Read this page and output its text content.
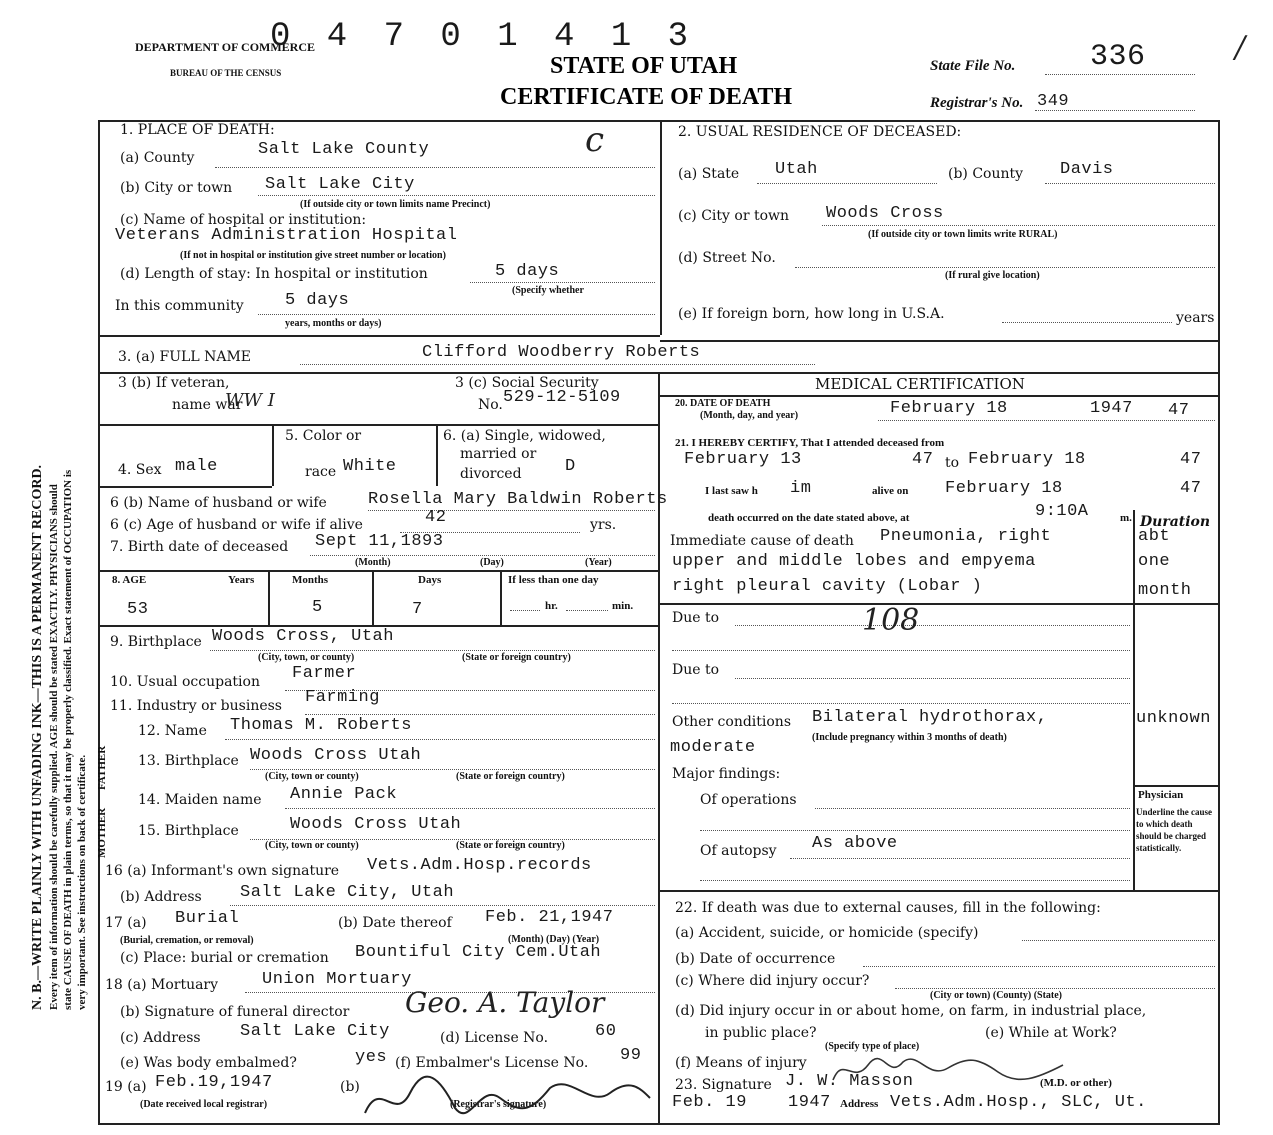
N. B.—WRITE PLAINLY WITH UNFADING INK—THIS IS A PERMANENT RECORD. Every item of information should be carefully supplied. AGE should be stated EXACTLY. PHYSICIANS should state CAUSE OF DEATH in plain terms, so that it may be properly classified. Exact statement of OCCUPATION is very important. See instructions on back of certificate.
DEPARTMENT OF COMMERCE
BUREAU OF THE CENSUS
0 4 7 0 1 4 1 3
STATE OF UTAH
CERTIFICATE OF DEATH
State File No. 336
Registrar's No. 349
1. PLACE OF DEATH:
(a) County	Salt Lake County	c
(b) City or town Salt Lake City
(If outside city or town limits name Precinct)
(c) Name of hospital or institution:
Veterans Administration Hospital
(If not in hospital or institution give street number or location)
(d) Length of stay: In hospital or institution	5 days
(Specify whether
In this community 5 days
years, months or days)
2. USUAL RESIDENCE OF DECEASED:
(a) State Utah	(b) County Davis
(c) City or town Woods Cross
(If outside city or town limits write RURAL)
(d) Street No.
(If rural give location)
(e) If foreign born, how long in U.S.A.	years
3. (a) FULL NAME	Clifford Woodberry Roberts
3 (b) If veteran,
name war
WW I
3 (c) Social Security
No. 529-12-5109
4. Sex male
5. Color or
race White
6. (a) Single, widowed,
married or
divorced	D
6 (b) Name of husband or wife Rosella Mary Baldwin Roberts
6 (c) Age of husband or wife if alive	42	yrs.
7. Birth date of deceased Sept 11,1893
(Month)	(Day)	(Year)
8. AGE	Years	Months	Days	If less than one day
53	5	7	hr.	min.
9. Birthplace Woods Cross, Utah
(City, town, or county)	(State or foreign country)
10. Usual occupation Farmer
11. Industry or business Farming
FATHER
MOTHER
12. Name Thomas M. Roberts
13. Birthplace Woods Cross Utah
(City, town or county)	(State or foreign country)
14. Maiden name Annie Pack
15. Birthplace	Woods Cross Utah
(City, town or county)	(State or foreign country)
16 (a) Informant's own signature Vets.Adm.Hosp.records
(b) Address Salt Lake City, Utah
17 (a) Burial
(Burial, cremation, or removal)
(b) Date thereof Feb. 21,1947
(Month) (Day) (Year)
(c) Place: burial or cremation Bountiful City Cem.Utah
18 (a) Mortuary	Union Mortuary
(b) Signature of funeral director Geo. A. Taylor
(c) Address Salt Lake City	(d) License No.	60
(e) Was body embalmed?	yes (f) Embalmer's License No. 99
19 (a) Feb.19,1947
(Date received local registrar)
(b)
(Registrar's signature)
MEDICAL CERTIFICATION
20. DATE OF DEATH
(Month, day, and year)	February 18	1947 47
21. I HEREBY CERTIFY, That I attended deceased from
February 13	47 to February 18	47
I last saw h im	alive on February 18	47
death occurred on the date stated above, at	9:10A	m. Duration
Immediate cause of death Pneumonia, right
upper and middle lobes and empyema
right pleural cavity (Lobar )
abt
one
month
Due to	108
Due to
Other conditions Bilateral hydrothorax,
moderate
unknown
(Include pregnancy within 3 months of death)
Major findings:
Of operations
Of autopsy As above
Physician
Underline the cause to which death should be charged statistically.
22. If death was due to external causes, fill in the following:
(a) Accident, suicide, or homicide (specify)
(b) Date of occurrence
(c) Where did injury occur?
(City or town) (County) (State)
(d) Did injury occur in or about home, on farm, in industrial place,
in public place?	(e) While at Work?
(Specify type of place)
(f) Means of injury
23. Signature J. W. Masson	(M.D. or other)
Feb. 19 1947 Address Vets.Adm.Hosp., SLC, Ut.
/
